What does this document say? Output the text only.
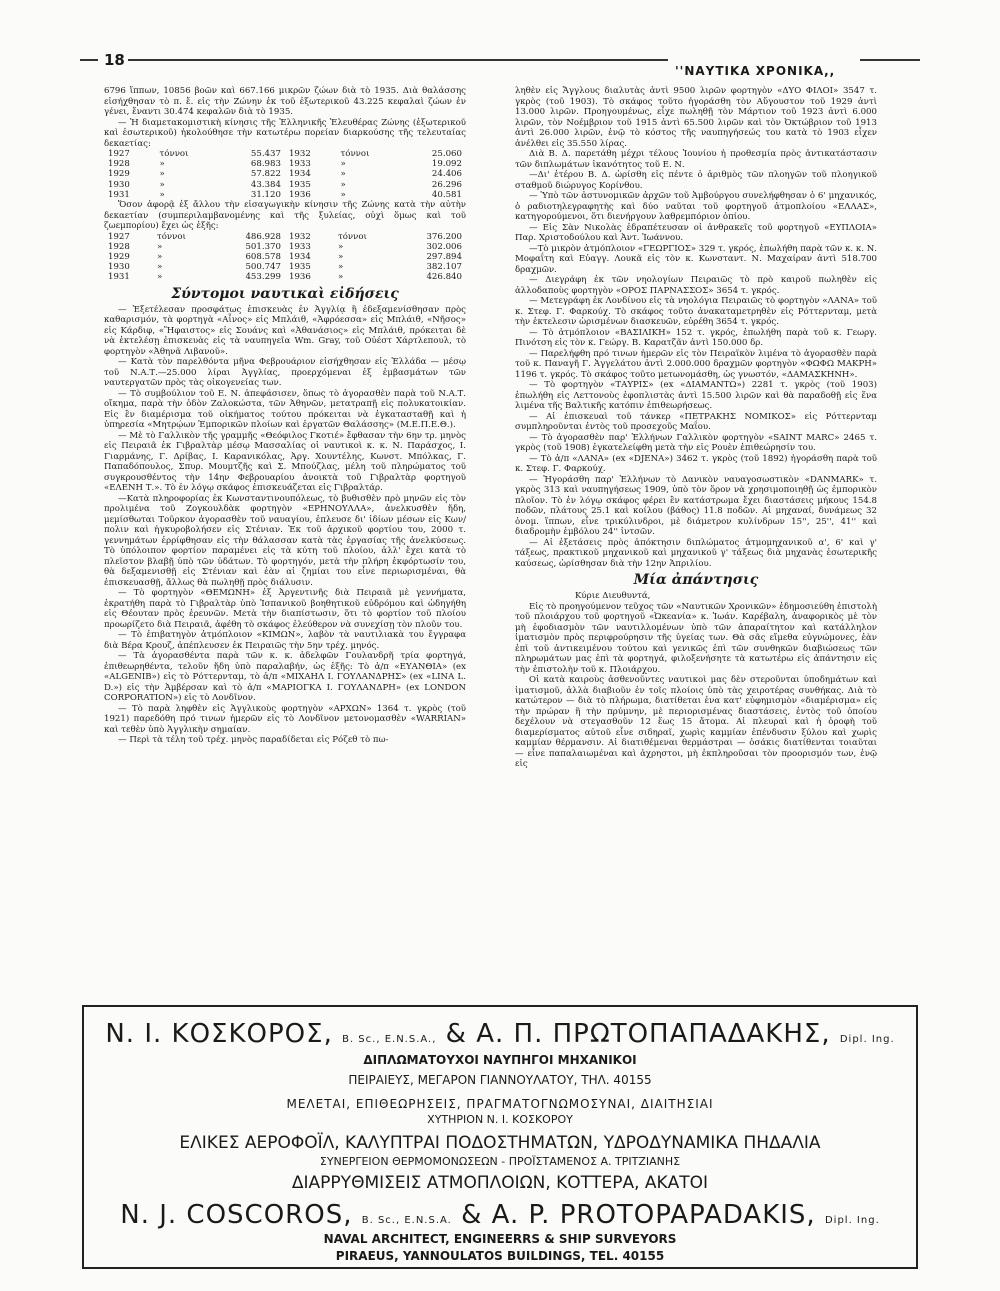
18
''ΝΑΥΤΙΚΑ ΧΡΟΝΙΚΑ,,

6796 ἵππων, 10856 βοῶν καὶ 667.166 μικρῶν ζώων διὰ τὸ 1935. Διὰ θαλάσσης εἰσήχθησαν τὸ π. ἔ. εἰς τὴν Ζώνην ἐκ τοῦ ἐξωτερικοῦ 43.225 κεφαλαὶ ζώων ἐν γένει, ἔναντι 30.474 κεφαλῶν διὰ τὸ 1935.

— Ἡ διαμετακομιστικὴ κίνησις τῆς Ἑλληνικῆς Ἐλευθέρας Ζώνης (ἐξωτερικοῦ καὶ ἐσωτερικοῦ) ἠκολούθησε τὴν κατωτέρω πορείαν διαρκούσης τῆς τελευταίας δεκαετίας:

1927	τόννοι	55.437	1932	τόννοι	25.060
1928	»	68.983	1933	»	19.092
1929	»	57.822	1934	»	24.406
1930	»	43.384	1935	»	26.296
1931	»	31.120	1936	»	40.581

Ὅσον ἀφορᾷ ἐξ ἄλλου τὴν εἰσαγωγικὴν κίνησιν τῆς Ζώνης κατὰ τὴν αὐτὴν δεκαετίαν (συμπεριλαμβανομένης καὶ τῆς ξυλείας, οὐχὶ ὅμως καὶ τοῦ ζωεμπορίου) ἔχει ὡς ἑξῆς:

1927	τόννοι	486.928	1932	τόννοι	376.200
1928	»	501.370	1933	»	302.006
1929	»	608.578	1934	»	297.894
1930	»	500.747	1935	»	382.107
1931	»	453.299	1936	»	426.840
Σύντομοι ναυτικαὶ εἰδήσεις

— Ἐξετέλεσαν προσφάτως ἐπισκευὰς ἐν Ἀγγλίᾳ ἢ ἐδεξαμενίσθησαν πρὸς καθαρισμόν, τὰ φορτηγὰ «Αἶνος» εἰς Μπλάιθ, «Ἀφρόεσσα» εἰς Μπλάιθ, «Νῆσος» εἰς Κάρδιφ, «Ἥφαιστος» εἰς Σουάνς καὶ «Ἀθανάσιος» εἰς Μπλάιθ, πρόκειται δὲ νὰ ἐκτελέσῃ ἐπισκευὰς εἰς τὰ ναυπηγεῖα Wm. Gray, τοῦ Οὐέστ Χάρτλεπουλ, τὸ φορτηγὸν «Ἀθηνᾶ Λιβανοῦ».

— Κατὰ τὸν παρελθόντα μῆνα Φεβρουάριον εἰσήχθησαν εἰς Ἑλλάδα — μέσῳ τοῦ Ν.Α.Τ.—25.000 λίραι Ἀγγλίας, προερχόμεναι ἐξ ἐμβασμάτων τῶν ναυτεργατῶν πρὸς τὰς οἰκογενείας των.

— Τὸ συμβούλιον τοῦ Ε. Ν. ἀπεφάσισεν, ὅπως τὸ ἀγορασθὲν παρὰ τοῦ Ν.Α.Τ. οἴκημα, παρὰ τὴν ὁδὸν Ζαλοκώστα, τῶν Ἀθηνῶν, μετατραπῇ εἰς πολυκατοικίαν. Εἰς ἓν διαμέρισμα τοῦ οἰκήματος τούτου πρόκειται νὰ ἐγκατασταθῇ καὶ ἡ ὑπηρεσία «Μητρῴων Ἐμπορικῶν πλοίων καὶ ἐργατῶν Θαλάσσης» (Μ.Ε.Π.Ε.Θ.).

— Μὲ τὸ Γαλλικὸν τῆς γραμμῆς «Θεόφιλος Γκοτιέ» ἔφθασαν τὴν 6ην τρ. μηνὸς εἰς Πειραιᾶ ἐκ Γιβραλτὰρ μέσῳ Μασσαλίας οἱ ναυτικοὶ κ. κ. Ν. Παράσχος, Ι. Γιαρμάνης, Γ. Δρίβας, Ι. Καρανικόλας, Ἀργ. Χουντέλης, Κωνστ. Μπόλκας, Γ. Παπαδόπουλος, Σπυρ. Μουμτζῆς καὶ Σ. Μπούζλας, μέλη τοῦ πληρώματος τοῦ συγκρουσθέντος τὴν 14ην Φεβρουαρίου ἀνοικτὰ τοῦ Γιβραλτὰρ φορτηγοῦ «ΕΛΕΝΗ Τ.». Τὸ ἐν λόγῳ σκάφος ἐπισκευάζεται εἰς Γιβραλτάρ.

—Κατὰ πληροφορίας ἐκ Κωνσταντινουπόλεως, τὸ βυθισθὲν πρὸ μηνῶν εἰς τὸν προλιμένα τοῦ Ζογκουλδὰκ φορτηγὸν «ΕΡΗΝΟΥΛΛΑ», ἀνελκυσθὲν ἤδη, μεμίσθωται Τοῦρκον ἀγορασθὲν τοῦ ναυαγίου, ἐπλευσε δι' ἰδίων μέσων εἰς Κων/πολιν καὶ ἠγκυροβολήσεν εἰς Στένιαν. Ἐκ τοῦ ἀρχικοῦ φορτίου του, 2000 τ. γεννημάτων ἐρρίφθησαν εἰς τὴν θάλασσαν κατὰ τὰς ἐργασίας τῆς ἀνελκύσεως. Τὸ ὑπόλοιπον φορτίον παραμένει εἰς τὰ κύτη τοῦ πλοίου, ἀλλ' ἔχει κατὰ τὸ πλεῖστον βλαβῇ ὑπὸ τῶν ὑδάτων. Τὸ φορτηγόν, μετὰ τὴν πλήρη ἐκφόρτωσίν του, θὰ δεξαμενισθῇ εἰς Στένιαν καὶ ἐὰν αἱ ζημίαι του εἶνε περιωρισμέναι, θὰ ἐπισκευασθῇ, ἄλλως θὰ πωληθῇ πρὸς διάλυσιν.

— Τὸ φορτηγὸν «ΘΕΜΩΝΗ» ἐξ Ἀργεντινῆς διὰ Πειραιᾶ μὲ γεννήματα, ἐκρατήθη παρὰ τὸ Γιβραλτὰρ ὑπὸ Ἱσπανικοῦ βοηθητικοῦ εὐδρόμου καὶ ὡδηγήθη εἰς Θέουταν πρὸς ἐρευνῶν. Μετὰ τὴν διαπίστωσιν, ὅτι τὸ φορτίον τοῦ πλοίου προωρίζετο διὰ Πειραιᾶ, ἀφέθη τὸ σκάφος ἐλεύθερον νὰ συνεχίσῃ τὸν πλοῦν του.

— Τὸ ἐπιβατηγὸν ἀτμόπλοιον «ΚΙΜΩΝ», λαβὸν τὰ ναυτιλιακὰ του ἔγγραφα διὰ Βέρα Κρουζ, ἀπέπλευσεν ἐκ Πειραιῶς τὴν 5ην τρέχ. μηνός.

— Τὰ ἀγορασθέντα παρὰ τῶν κ. κ. ἀδελφῶν Γουλανδρῆ τρία φορτηγά, ἐπιθεωρηθέντα, τελοῦν ἤδη ὑπὸ παραλαβήν, ὡς ἑξῆς: Τὸ ἀ/π «ΕΥΑΝΘΙΑ» (ex «ALGENIB») εἰς τὸ Ρόττερνταμ, τὸ ἀ/π «ΜΙΧΑΗΛ Ι. ΓΟΥΛΑΝΔΡΗΣ» (ex «LINA L. D.») εἰς τὴν Ἀμβέρσαν καὶ τὸ ἀ/π «ΜΑΡΙΟΓΚΑ Ι. ΓΟΥΛΑΝΔΡΗ» (ex LONDON CORPORATION») εἰς τὸ Λονδῖνον.

— Τὸ παρὰ ληφθὲν εἰς Ἀγγλικοὺς φορτηγὸν «ΑΡΧΩΝ» 1364 τ. γκρὸς (τοῦ 1921) παρεδόθη πρό τινων ἡμερῶν εἰς τὸ Λονδῖνον μετονομασθὲν «WARRIAN» καὶ τεθὲν ὑπὸ Ἀγγλικὴν σημαίαν.

— Περὶ τὰ τέλη τοῦ τρέχ. μηνὸς παραδίδεται εἰς Ρόζεθ τὸ πω-

ληθὲν εἰς Ἄγγλους διαλυτὰς ἀντὶ 9500 λιρῶν φορτηγὸν «ΔΥΟ ΦΙΛΟΙ» 3547 τ. γκρὸς (τοῦ 1903). Τὸ σκάφος τοῦτο ἠγοράσθη τὸν Αὔγουστον τοῦ 1929 ἀντὶ 13.000 λιρῶν. Προηγουμένως, εἶχε πωληθῇ τὸν Μάρτιον τοῦ 1923 ἀντὶ 6.000 λιρῶν, τὸν Νοέμβριον τοῦ 1915 ἀντὶ 65.500 λιρῶν καὶ τὸν Ὀκτώβριον τοῦ 1913 ἀντὶ 26.000 λιρῶν, ἐνῷ τὸ κόστος τῆς ναυπηγήσεώς του κατὰ τὸ 1903 εἶχεν ἀνέλθει εἰς 35.550 λίρας.

Διὰ Β. Δ. παρετάθη μέχρι τέλους Ἰουνίου ἡ προθεσμία πρὸς ἀντικατάστασιν τῶν διπλωμάτων ἱκανότητος τοῦ Ε. Ν.

—Δι' ἑτέρου Β. Δ. ὡρίσθη εἰς πέντε ὁ ἀριθμὸς τῶν πλοηγῶν τοῦ πλοηγικοῦ σταθμοῦ διώρυγος Κορίνθου.

— Ὑπὸ τῶν ἀστυνομικῶν ἀρχῶν τοῦ Ἀμβούργου συνελήφθησαν ὁ 6' μηχανικός, ὁ ραδιοτηλεγραφητὴς καὶ δύο ναῦται τοῦ φορτηγοῦ ἀτμοπλοίου «ΕΛΛΑΣ», κατηγορούμενοι, ὅτι διενήργουν λαθρεμπόριον ὀπίου.

— Εἰς Σὰν Νικολὰς ἐδραπέτευσαν οἱ ἀνθρακεῖς τοῦ φορτηγοῦ «ΕΥΠΛΟΙΑ» Παρ. Χριστοδούλου καὶ Ἀντ. Ἰωάννου.

—Τὸ μικρὸν ἀτμόπλοιον «ΓΕΩΡΓΙΟΣ» 329 τ. γκρός, ἐπωλήθη παρὰ τῶν κ. κ. Ν. Μοφαΐτη καὶ Εὐαγγ. Λουκᾶ εἰς τὸν κ. Κωνσταντ. Ν. Μαχαίραν ἀντὶ 518.700 δραχμῶν.

— Διεγράφη ἐκ τῶν νηολογίων Πειραιῶς τὸ πρὸ καιροῦ πωληθὲν εἰς ἀλλοδαποὺς φορτηγὸν «ΟΡΟΣ ΠΑΡΝΑΣΣΟΣ» 3654 τ. γκρός.

— Μετεγράφη ἐκ Λονδίνου εἰς τὰ νηολόγια Πειραιῶς τὸ φορτηγὸν «ΛΑΝΑ» τοῦ κ. Στεφ. Γ. Φαρκούχ. Τὸ σκάφος τοῦτο ἀνακαταμετρηθὲν εἰς Ρόττερνταμ, μετὰ τὴν ἐκτελεσιν ὡρισμένων διασκευῶν, εὑρέθη 3654 τ. γκρός.

— Τὸ ἀτμόπλοιον «ΒΑΣΙΛΙΚΗ» 152 τ. γκρός, ἐπωλήθη παρὰ τοῦ κ. Γεωργ. Πινότση εἰς τὸν κ. Γεώργ. Β. Καρατζᾶν ἀντὶ 150.000 δρ.

— Παρελήφθη πρό τινων ἡμερῶν εἰς τὸν Πειραϊκὸν λιμένα τὸ ἀγορασθὲν παρὰ τοῦ κ. Παναγῆ Γ. Ἀγγελάτου ἀντὶ 2.000.000 δραχμῶν φορτηγὸν «ΦΩΦΩ ΜΑΚΡΗ» 1196 τ. γκρός. Τὸ σκάφος τοῦτο μετωνομάσθη, ὡς γνωστόν, «ΔΑΜΑΣΚΗΝΗ».

— Τὸ φορτηγὸν «ΤΑΥΡΙΣ» (ex «ΔΙΑΜΑΝΤΩ») 2281 τ. γκρὸς (τοῦ 1903) ἐπωλήθη εἰς Λεττονοὺς ἐφοπλιστὰς ἀντὶ 15.500 λιρῶν καὶ θὰ παραδοθῇ εἰς ἕνα λιμένα τῆς Βαλτικῆς κατόπιν ἐπιθεωρήσεως.

— Αἱ ἐπισκευαὶ τοῦ τάνκερ «ΠΕΤΡΑΚΗΣ ΝΟΜΙΚΟΣ» εἰς Ρόττερνταμ συμπληροῦνται ἐντὸς τοῦ προσεχοῦς Μαΐου.

— Τὸ ἀγορασθὲν παρ' Ἑλλήνων Γαλλικὸν φορτηγὸν «SAINT MARC» 2465 τ. γκρὸς (τοῦ 1908) ἐγκατελείφθη μετὰ τὴν εἰς Ρουὲν ἐπιθεώρησίν του.

— Τὸ ἀ/π «ΛΑΝΑ» (ex «DJENA») 3462 τ. γκρὸς (τοῦ 1892) ἠγοράσθη παρὰ τοῦ κ. Στεφ. Γ. Φαρκούχ.

— Ἠγοράσθη παρ' Ἑλλήνων τὸ Δανικὸν ναυαγοσωστικὸν «DANMARK» τ. γκρὸς 313 καὶ ναυπηγήσεως 1909, ὑπὸ τὸν ὅρον νὰ χρησιμοποιηθῇ ὡς ἐμπορικὸν πλοῖον. Τὸ ἐν λόγῳ σκάφος φέρει ἓν κατάστρωμα ἔχει διαστάσεις μήκους 154.8 ποδῶν, πλάτους 25.1 καὶ κοίλου (βάθος) 11.8 ποδῶν. Αἱ μηχαναί, δυνάμεως 32 ὀνομ. ἵππων, εἶνε τρικύλινδροι, μὲ διάμετρον κυλίνδρων 15'', 25'', 41'' καὶ διαδρομὴν ἐμβόλου 24'' ἰντσῶν.

— Αἱ ἐξετάσεις πρὸς ἀπόκτησιν διπλώματος ἀτμομηχανικοῦ α', 6' καὶ γ' τάξεως, πρακτικοῦ μηχανικοῦ καὶ μηχανικοῦ γ' τάξεως διὰ μηχανὰς ἐσωτερικῆς καύσεως, ὡρίσθησαν διὰ τὴν 12ην Ἀπριλίου.

Μία ἀπάντησις

Κύριε Διευθυντά,

Εἰς τὸ προηγούμενον τεῦχος τῶν «Ναυτικῶν Χρονικῶν» ἐδημοσιεύθη ἐπιστολὴ τοῦ πλοιάρχου τοῦ φορτηγοῦ «Ὠκεανία» κ. Ἰωάν. Καρέβαλη, ἀναφορικὸς μὲ τὸν μὴ ἐφοδιασμὸν τῶν ναυτιλλομένων ὑπὸ τῶν ἀπαραίτητον καὶ κατάλληλον ἱματισμὸν πρὸς περιφρούρησιν τῆς ὑγείας των. Θὰ σᾶς εἴμεθα εὐγνώμονες, ἐὰν ἐπὶ τοῦ ἀντικειμένου τούτου καὶ γενικῶς ἐπὶ τῶν συνθηκῶν διαβιώσεως τῶν πληρωμάτων μας ἐπὶ τὰ φορτηγά, φιλοξενήσητε τὰ κατωτέρω εἰς ἀπάντησιν εἰς τὴν ἐπιστολὴν τοῦ κ. Πλοιάρχου.

Οἱ κατὰ καιροὺς ἀσθενοῦντες ναυτικοὶ μας δὲν στεροῦνται ὑποδημάτων καὶ ἱματισμοῦ, ἀλλὰ διαβιοῦν ἐν τοῖς πλοίοις ὑπὸ τὰς χειροτέρας συνθήκας. Διὰ τὸ κατώτερον — διὰ τὸ πλήρωμα, διατίθεται ἐνα κατ' εὐφημισμὸν «διαμέρισμα» εἰς τὴν πρώραν ἢ τὴν πρύμνην, μὲ περιορισμένας διαστάσεις, ἐντὸς τοῦ ὁποίου δεχέλουν νὰ στεγασθοῦν 12 ἕως 15 ἄτομα. Αἱ πλευραὶ καὶ ἡ ὀροφὴ τοῦ διαμερίσματος αὐτοῦ εἶνε σιδηραῖ, χωρὶς καμμίαν ἐπένδυσιν ξύλου καὶ χωρὶς καμμίαν θέρμανσιν. Αἱ διατιθέμεναι θερμάστραι — ὁσάκις διατίθενται τοιαῦται — εἶνε παπαλαιωμέναι καὶ ἀχρηστοι, μὴ ἐκπληροῦσαι τὸν προορισμόν των, ἐνῷ εἰς

Ν. Ι. ΚΟΣΚΟΡΟΣ, B. Sc., E.N.S.A., & Α. Π. ΠΡΩΤΟΠΑΠΑΔΑΚΗΣ, Dipl. Ing.
ΔΙΠΛΩΜΑΤΟΥΧΟΙ ΝΑΥΠΗΓΟΙ ΜΗΧΑΝΙΚΟΙ
ΠΕΙΡΑΙΕΥΣ, ΜΕΓΑΡΟΝ ΓΙΑΝΝΟΥΛΑΤΟΥ, ΤΗΛ. 40155
ΜΕΛΕΤΑΙ, ΕΠΙΘΕΩΡΗΣΕΙΣ, ΠΡΑΓΜΑΤΟΓΝΩΜΟΣΥΝΑΙ, ΔΙΑΙΤΗΣΙΑΙ
ΧΥΤΗΡΙΟΝ Ν. Ι. ΚΟΣΚΟΡΟΥ
ΕΛΙΚΕΣ ΑΕΡΟΦΟΪΛ, ΚΑΛΥΠΤΡΑΙ ΠΟΔΟΣΤΗΜΑΤΩΝ, ΥΔΡΟΔΥΝΑΜΙΚΑ ΠΗΔΑΛΙΑ
ΣΥΝΕΡΓΕΙΟΝ ΘΕΡΜΟΜΟΝΩΣΕΩΝ - ΠΡΟΪΣΤΑΜΕΝΟΣ Α. ΤΡΙΤΖΙΑΝΗΣ
ΔΙΑΡΡΥΘΜΙΣΕΙΣ ΑΤΜΟΠΛΟΙΩΝ, ΚΟΤΤΕΡΑ, ΑΚΑΤΟΙ
N. J. COSCOROS, B. Sc., E.N.S.A. & A. P. PROTOPAPADAKIS, Dipl. Ing.
NAVAL ARCHITECT, ENGINEERRS & SHIP SURVEYORS
PIRAEUS, YANNOULATOS BUILDINGS, TEL. 40155
